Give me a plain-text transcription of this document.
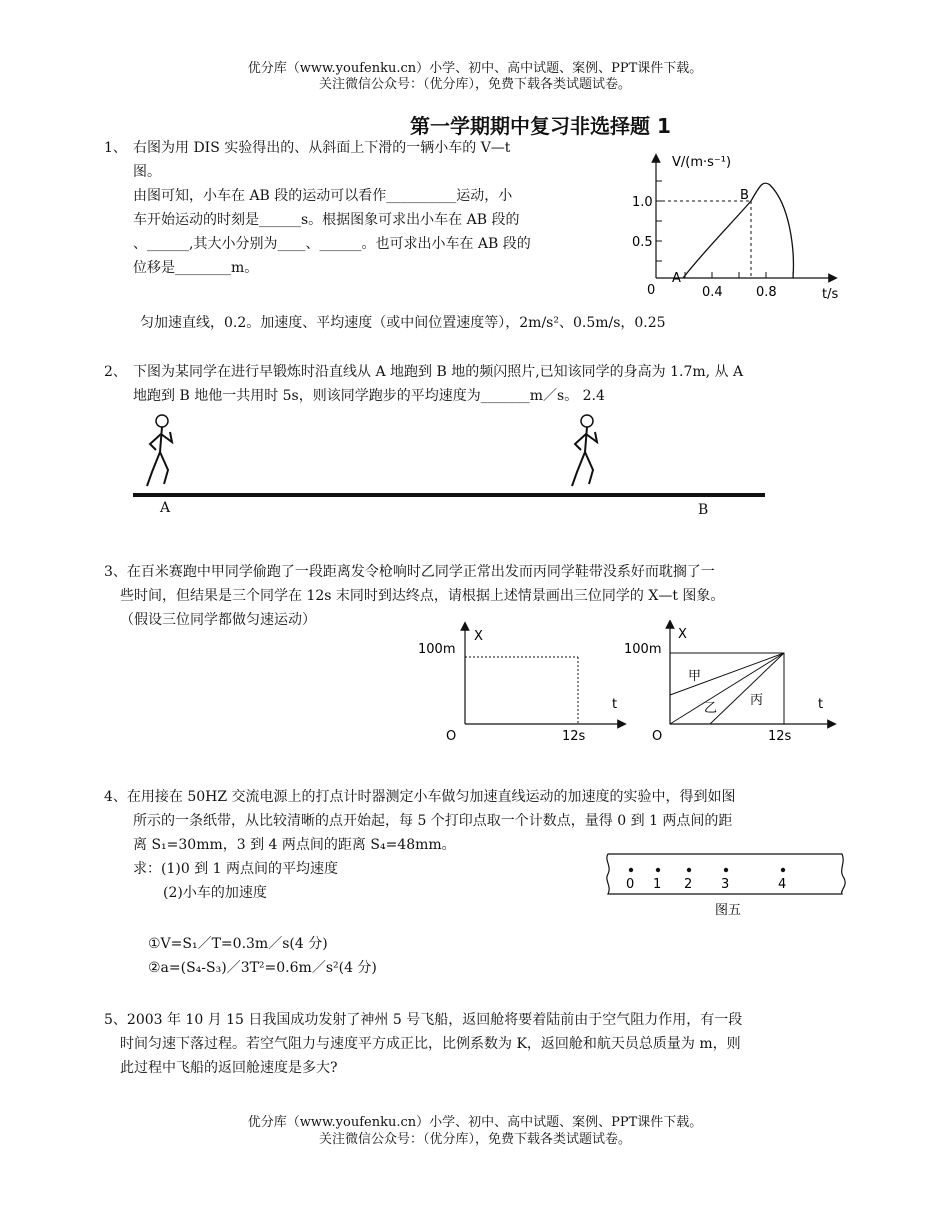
优分库（www.youfenku.cn）小学、初中、高中试题、案例、PPT课件下载。
关注微信公众号：（优分库），免费下载各类试题试卷。
第一学期期中复习非选择题 1
1、 右图为用 DIS 实验得出的、从斜面上下滑的一辆小车的 V—t
图。
由图可知，小车在 AB 段的运动可以看作__________运动，小
车开始运动的时刻是______s。根据图象可求出小车在 AB 段的
、______,其大小分别为____、______。也可求出小车在 AB 段的
位移是________m。
匀加速直线，0.2。加速度、平均速度（或中间位置速度等），2m/s²、0.5m/s，0.25
V/(m·s⁻¹)
t/s
0
1.0
0.5
0.4	0.8
A
B
2、 下图为某同学在进行早锻炼时沿直线从 A 地跑到 B 地的频闪照片,已知该同学的身高为 1.7m, 从 A
地跑到 B 地他一共用时 5s，则该同学跑步的平均速度为_______m／s。 2.4
A	B
3、在百米赛跑中甲同学偷跑了一段距离发令枪响时乙同学正常出发而丙同学鞋带没系好而耽搁了一
些时间，但结果是三个同学在 12s 末同时到达终点，请根据上述情景画出三位同学的 X—t 图象。
（假设三位同学都做匀速运动）
X
100m
t
O	12s
X
100m
t
O	12s
甲
乙
丙
4、在用接在 50HZ 交流电源上的打点计时器测定小车做匀加速直线运动的加速度的实验中，得到如图
所示的一条纸带，从比较清晰的点开始起，每 5 个打印点取一个计数点，量得 0 到 1 两点间的距
离 S₁=30mm，3 到 4 两点间的距离 S₄=48mm。
求：(1)0 到 1 两点间的平均速度
(2)小车的加速度
①V=S₁／T=0.3m／s(4 分)
②a=(S₄-S₃)／3T²=0.6m／s²(4 分)
0 1 2 3	4
图五
5、2003 年 10 月 15 日我国成功发射了神州 5 号飞船，返回舱将要着陆前由于空气阻力作用，有一段
时间匀速下落过程。若空气阻力与速度平方成正比，比例系数为 K，返回舱和航天员总质量为 m，则
此过程中飞船的返回舱速度是多大?
优分库（www.youfenku.cn）小学、初中、高中试题、案例、PPT课件下载。
关注微信公众号：（优分库），免费下载各类试题试卷。
